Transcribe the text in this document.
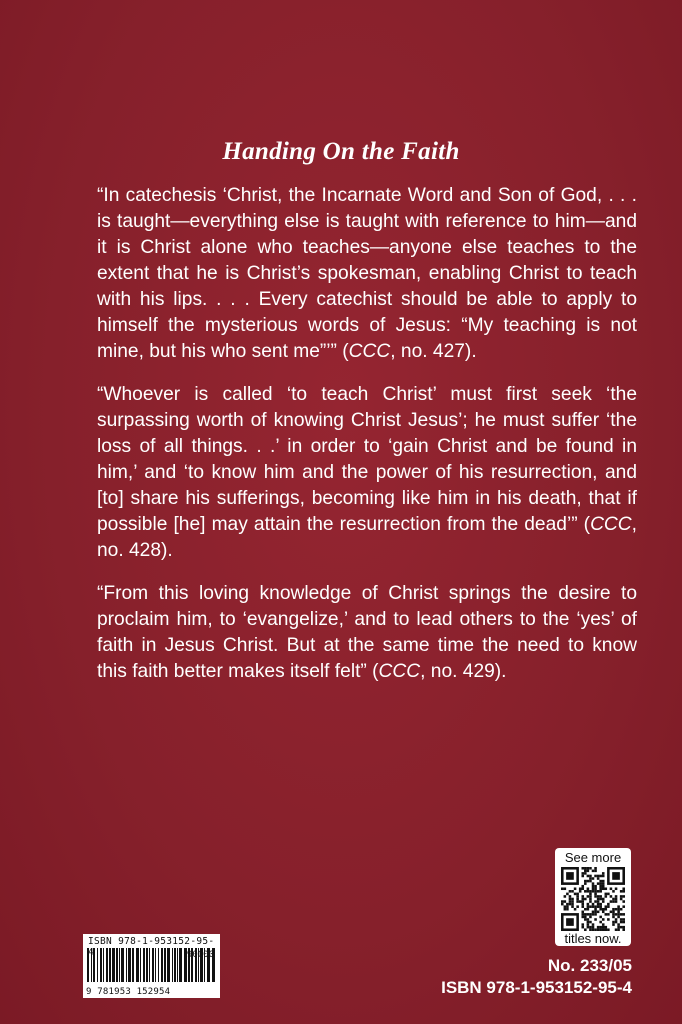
Handing On the Faith

“In catechesis ‘Christ, the Incarnate Word and Son of God, . . . is taught—everything else is taught with reference to him—and it is Christ alone who teaches—anyone else teaches to the extent that he is Christ’s spokesman, enabling Christ to teach with his lips. . . . Every catechist should be able to apply to himself the mysterious words of Jesus: “My teaching is not mine, but his who sent me”’” (CCC, no. 427).

“Whoever is called ‘to teach Christ’ must first seek ‘the surpassing worth of knowing Christ Jesus’; he must suffer ‘the loss of all things. . .’ in order to ‘gain Christ and be found in him,’ and ‘to know him and the power of his resurrection, and [to] share his sufferings, becoming like him in his death, that if possible [he] may attain the resurrection from the dead’” (CCC, no. 428).

“From this loving knowledge of Christ springs the desire to proclaim him, to ‘evangelize,’ and to lead others to the ‘yes’ of faith in Jesus Christ. But at the same time the need to know this faith better makes itself felt” (CCC, no. 429).

ISBN 978-1-953152-95-
90000
9 781953 152954
See more
titles now.
No. 233/05
ISBN 978-1-953152-95-4
